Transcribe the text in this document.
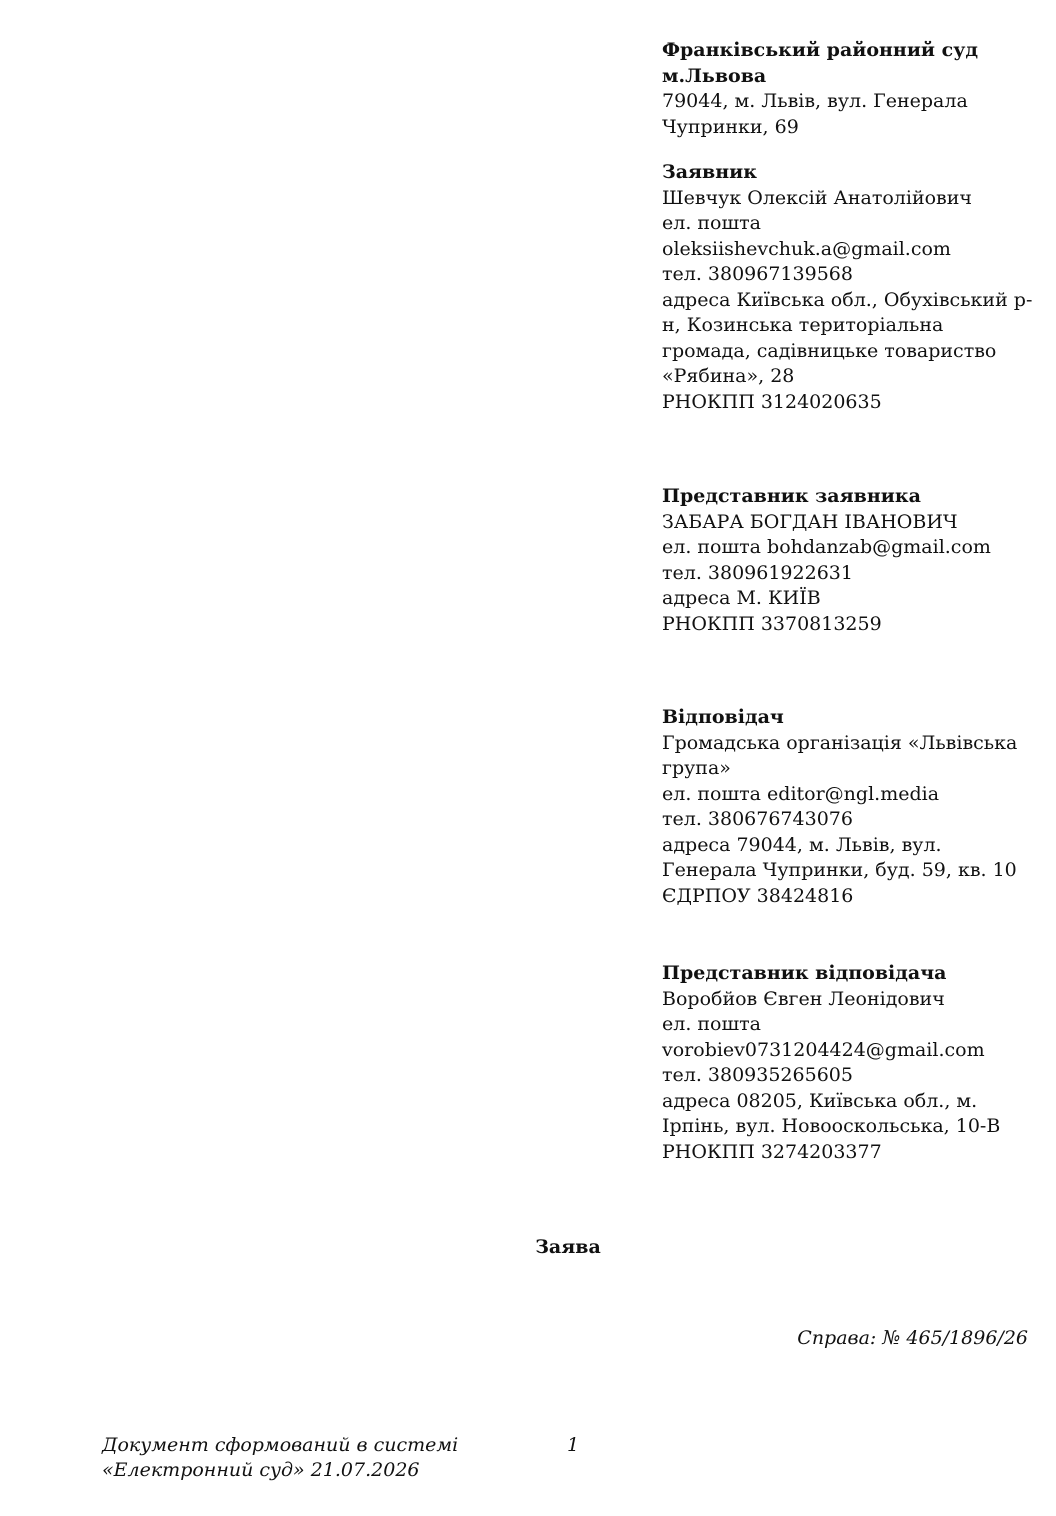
Франківський районний суд м.Львова
79044, м. Львів, вул. Генерала Чупринки, 69
Заявник
Шевчук Олексій Анатолійович
ел. пошта
oleksiishevchuk.a@gmail.com
тел. 380967139568
адреса Київська обл., Обухівський р-н, Козинська територіальна громада, садівницьке товариство «Рябина», 28
РНОКПП 3124020635
Представник заявника
ЗАБАРА БОГДАН ІВАНОВИЧ
ел. пошта bohdanzab@gmail.com
тел. 380961922631
адреса М. КИЇВ
РНОКПП 3370813259
Відповідач
Громадська організація «Львівська група»
ел. пошта editor@ngl.media
тел. 380676743076
адреса 79044, м. Львів, вул. Генерала Чупринки, буд. 59, кв. 10
ЄДРПОУ 38424816
Представник відповідача
Воробйов Євген Леонідович
ел. пошта
vorobiev0731204424@gmail.com
тел. 380935265605
адреса 08205, Київська обл., м. Ірпінь, вул. Новооскольська, 10-В
РНОКПП 3274203377
Заява
Справа: № 465/1896/26
Документ сформований в системі «Електронний суд» 21.07.2026
1
